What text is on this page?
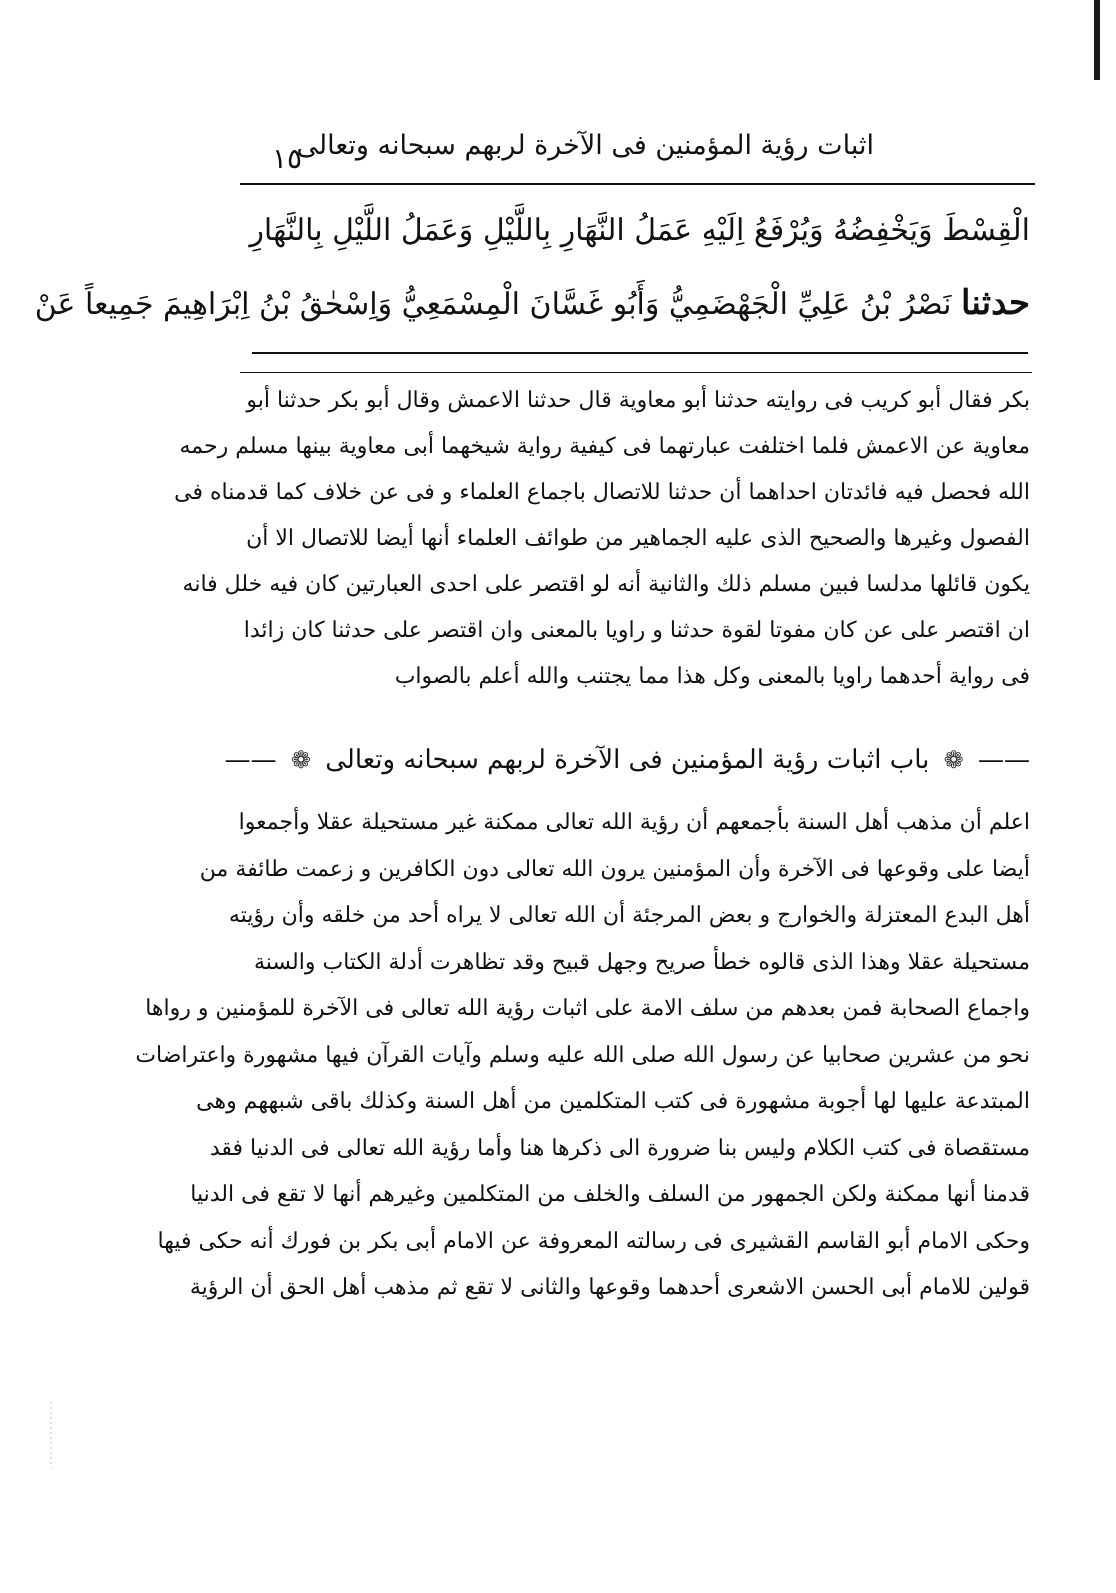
١٥
اثبات رؤية المؤمنين فى الآخرة لربهم سبحانه وتعالى
الْقِسْطَ وَيَخْفِضُهُ وَيُرْفَعُ اِلَيْهِ عَمَلُ النَّهَارِ بِاللَّيْلِ وَعَمَلُ اللَّيْلِ بِالنَّهَارِ
حدثنا نَصْرُ بْنُ عَلِيِّ الْجَهْضَمِيُّ وَأَبُو غَسَّانَ الْمِسْمَعِيُّ وَاِسْحٰقُ بْنُ اِبْرَاهِيمَ جَمِيعاً عَنْ
بكر فقال أبو كريب فى روايته حدثنا أبو معاوية قال حدثنا الاعمش وقال أبو بكر حدثنا أبو
معاوية عن الاعمش فلما اختلفت عبارتهما فى كيفية رواية شيخهما أبى معاوية بينها مسلم رحمه
الله فحصل فيه فائدتان احداهما أن حدثنا للاتصال باجماع العلماء و فى عن خلاف كما قدمناه فى
الفصول وغيرها والصحيح الذى عليه الجماهير من طوائف العلماء أنها أيضا للاتصال الا أن
يكون قائلها مدلسا فبين مسلم ذلك والثانية أنه لو اقتصر على احدى العبارتين كان فيه خلل فانه
ان اقتصر على عن كان مفوتا لقوة حدثنا و راويا بالمعنى وان اقتصر على حدثنا كان زائدا
فى رواية أحدهما راويا بالمعنى وكل هذا مما يجتنب والله أعلم بالصواب
—— ❁ باب اثبات رؤية المؤمنين فى الآخرة لربهم سبحانه وتعالى ❁ ——
اعلم أن مذهب أهل السنة بأجمعهم أن رؤية الله تعالى ممكنة غير مستحيلة عقلا وأجمعوا
أيضا على وقوعها فى الآخرة وأن المؤمنين يرون الله تعالى دون الكافرين و زعمت طائفة من
أهل البدع المعتزلة والخوارج و بعض المرجئة أن الله تعالى لا يراه أحد من خلقه وأن رؤيته
مستحيلة عقلا وهذا الذى قالوه خطأ صريح وجهل قبيح وقد تظاهرت أدلة الكتاب والسنة
واجماع الصحابة فمن بعدهم من سلف الامة على اثبات رؤية الله تعالى فى الآخرة للمؤمنين و رواها
نحو من عشرين صحابيا عن رسول الله صلى الله عليه وسلم وآيات القرآن فيها مشهورة واعتراضات
المبتدعة عليها لها أجوبة مشهورة فى كتب المتكلمين من أهل السنة وكذلك باقى شبههم وهى
مستقصاة فى كتب الكلام وليس بنا ضرورة الى ذكرها هنا وأما رؤية الله تعالى فى الدنيا فقد
قدمنا أنها ممكنة ولكن الجمهور من السلف والخلف من المتكلمين وغيرهم أنها لا تقع فى الدنيا
وحكى الامام أبو القاسم القشيرى فى رسالته المعروفة عن الامام أبى بكر بن فورك أنه حكى فيها
قولين للامام أبى الحسن الاشعرى أحدهما وقوعها والثانى لا تقع ثم مذهب أهل الحق أن الرؤية
